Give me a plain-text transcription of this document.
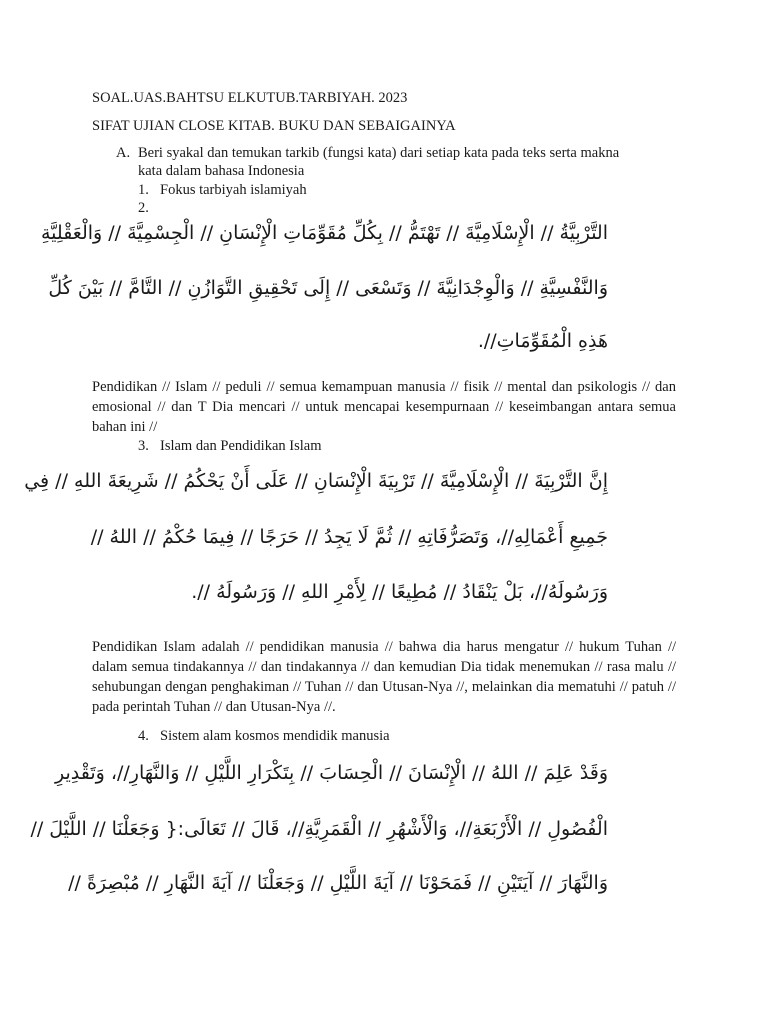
SOAL.UAS.BAHTSU ELKUTUB.TARBIYAH. 2023
SIFAT UJIAN CLOSE KITAB. BUKU DAN SEBAIGAINYA
A. Beri syakal dan temukan tarkib (fungsi kata) dari setiap kata pada teks serta makna
kata dalam bahasa Indonesia
1. Fokus tarbiyah islamiyah
2.
التَّرْبِيَّةُ // الْإِسْلَامِيَّةَ // تَهْتَمُّ // بِكُلِّ مُقَوِّمَاتِ الْإِنْسَانِ // الْجِسْمِيَّةَ // وَالْعَقْلِيَّةِ
وَالنَّفْسِيَّةِ // وَالْوِجْدَانِيَّةَ // وَتَسْعَى // إِلَى تَحْقِيقِ التَّوَازُنِ // التَّامَّ // بَيْنَ كُلِّ
هَذِهِ الْمُقَوِّمَاتِ//.
Pendidikan // Islam // peduli // semua kemampuan manusia // fisik // mental dan psikologis // dan emosional // dan T Dia mencari // untuk mencapai kesempurnaan // keseimbangan antara semua bahan ini //
3. Islam dan Pendidikan Islam
إِنَّ التَّرْبِيَةَ // الْإِسْلَامِيَّةَ // تَرْبِيَةَ الْإِنْسَانِ // عَلَى أَنْ يَحْكُمُ // شَرِيعَةَ اللهِ // فِي
جَمِيعِ أَعْمَالِهِ//، وَتَصَرُّفَاتِهِ // ثُمَّ لَا يَجِدُ // حَرَجًا // فِيمَا حُكْمُ // اللهُ //
وَرَسُولَهُ//، بَلْ يَنْقَادُ // مُطِيعًا // لِأَمْرِ اللهِ // وَرَسُولَهُ //.
Pendidikan Islam adalah // pendidikan manusia // bahwa dia harus mengatur // hukum Tuhan // dalam semua tindakannya // dan tindakannya // dan kemudian Dia tidak menemukan // rasa malu // sehubungan dengan penghakiman // Tuhan // dan Utusan-Nya //, melainkan dia mematuhi // patuh // pada perintah Tuhan // dan Utusan-Nya //.
4. Sistem alam kosmos mendidik manusia
وَقَدْ عَلِمَ // اللهُ // الْإِنْسَانَ // الْحِسَابَ // بِتَكْرَارِ اللَّيْلِ // وَالنَّهَارِ//، وَتَقْدِيرِ
الْفُصُولِ // الْأَرْبَعَةِ//، وَالْأَشْهُرِ // الْقَمَرِيَّةِ//، قَالَ // تَعَالَى:{ وَجَعَلْنَا // اللَّيْلَ //
وَالنَّهَارَ // آيَتَيْنِ // فَمَحَوْنَا // آيَةَ اللَّيْلِ // وَجَعَلْنَا // آيَةَ النَّهَارِ // مُبْصِرَةً //
